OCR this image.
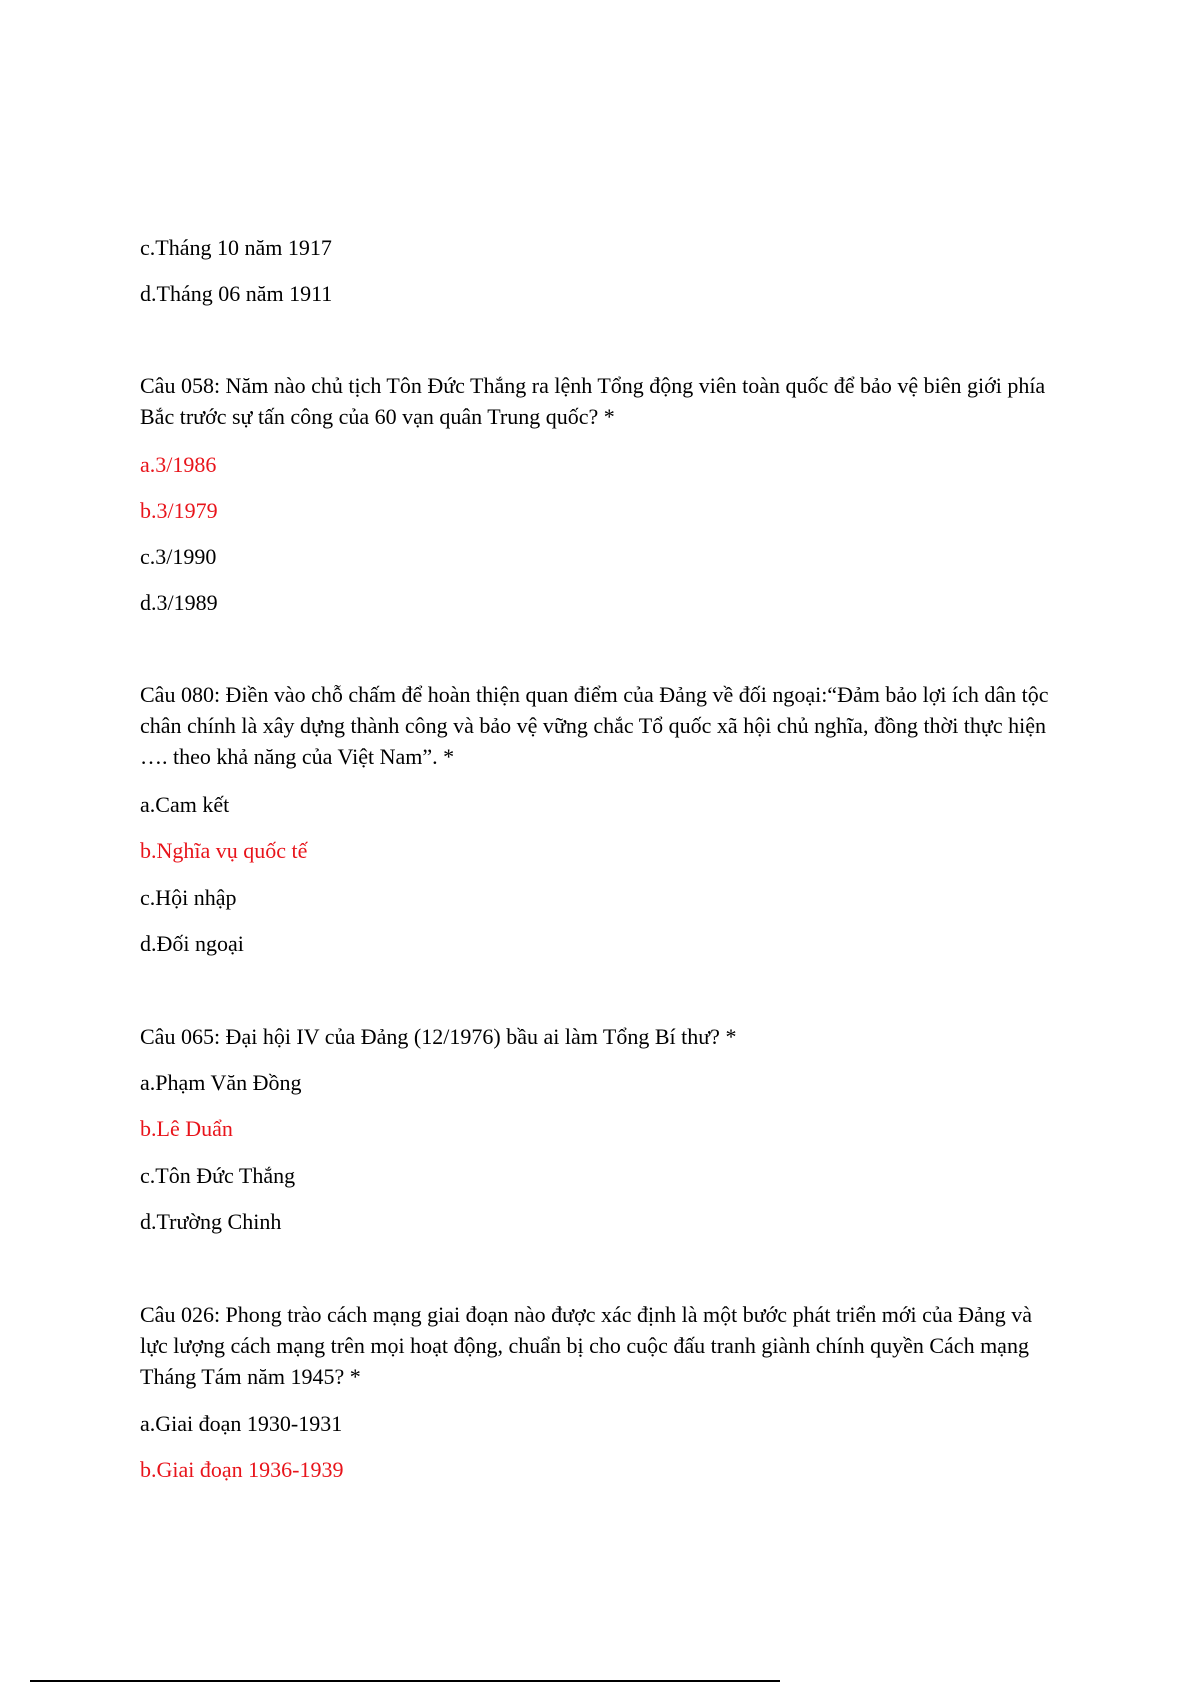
c.Tháng 10 năm 1917

d.Tháng 06 năm 1911

Câu 058: Năm nào chủ tịch Tôn Đức Thắng ra lệnh Tổng động viên toàn quốc để bảo vệ biên giới phía Bắc trước sự tấn công của 60 vạn quân Trung quốc? *

a.3/1986

b.3/1979

c.3/1990

d.3/1989

Câu 080: Điền vào chỗ chấm để hoàn thiện quan điểm của Đảng về đối ngoại:“Đảm bảo lợi ích dân tộc chân chính là xây dựng thành công và bảo vệ vững chắc Tổ quốc xã hội chủ nghĩa, đồng thời thực hiện …. theo khả năng của Việt Nam”. *

a.Cam kết

b.Nghĩa vụ quốc tế

c.Hội nhập

d.Đối ngoại

Câu 065: Đại hội IV của Đảng (12/1976) bầu ai làm Tổng Bí thư? *

a.Phạm Văn Đồng

b.Lê Duẩn

c.Tôn Đức Thắng

d.Trường Chinh

Câu 026: Phong trào cách mạng giai đoạn nào được xác định là một bước phát triển mới của Đảng và lực lượng cách mạng trên mọi hoạt động, chuẩn bị cho cuộc đấu tranh giành chính quyền Cách mạng Tháng Tám năm 1945? *

a.Giai đoạn 1930-1931

b.Giai đoạn 1936-1939
